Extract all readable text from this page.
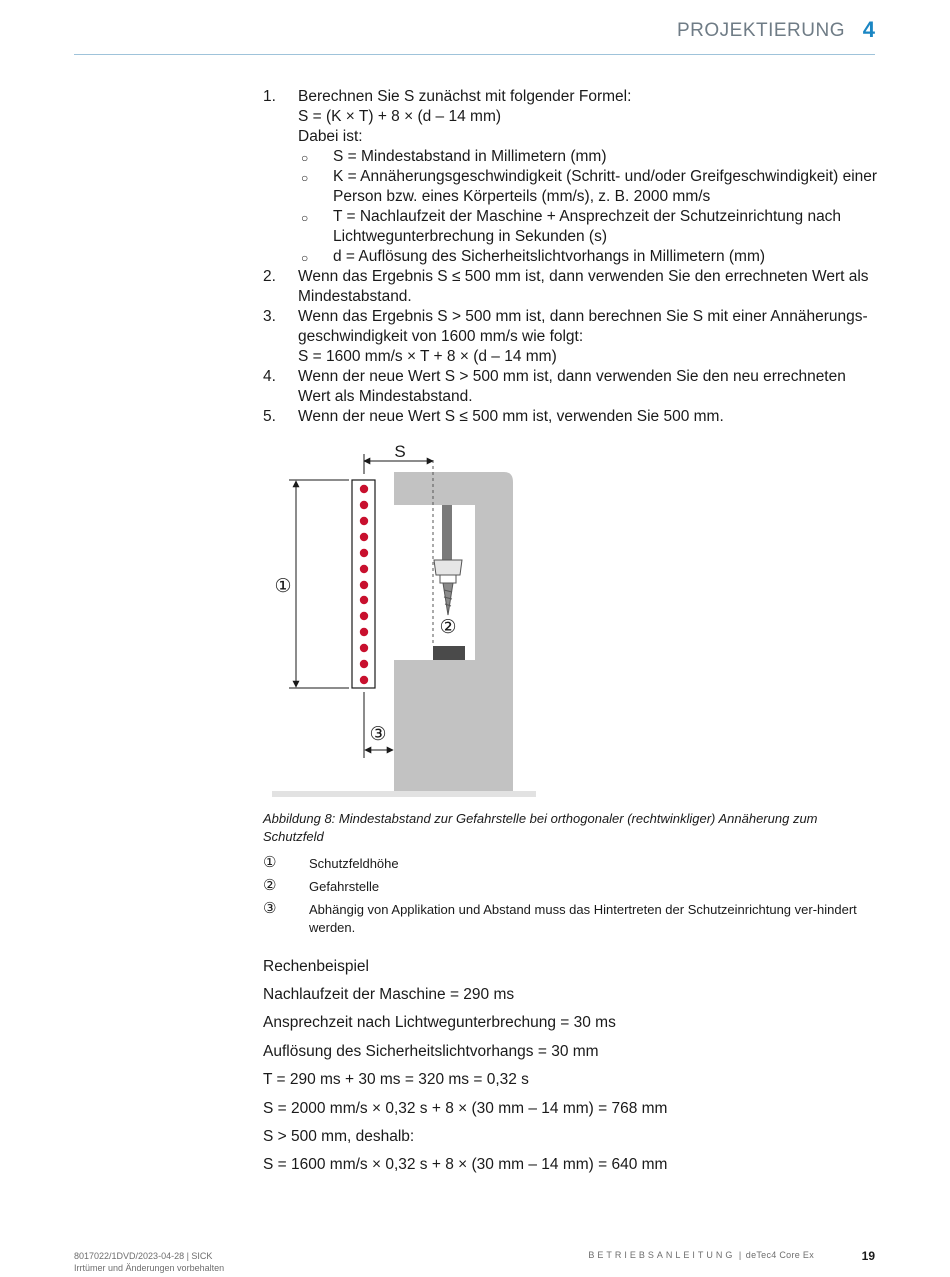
PROJEKTIERUNG 4
1. Berechnen Sie S zunächst mit folgender Formel:
S = (K × T) + 8 × (d – 14 mm)
Dabei ist:
○ S = Mindestabstand in Millimetern (mm)
○ K = Annäherungsgeschwindigkeit (Schritt- und/oder Greifgeschwindigkeit) einer Person bzw. eines Körperteils (mm/s), z. B. 2000 mm/s
○ T = Nachlaufzeit der Maschine + Ansprechzeit der Schutzeinrichtung nach Lichtwegunterbrechung in Sekunden (s)
○ d = Auflösung des Sicherheitslichtvorhangs in Millimetern (mm)
2. Wenn das Ergebnis S ≤ 500 mm ist, dann verwenden Sie den errechneten Wert als Mindestabstand.
3. Wenn das Ergebnis S > 500 mm ist, dann berechnen Sie S mit einer Annäherungs-geschwindigkeit von 1600 mm/s wie folgt:
S = 1600 mm/s × T + 8 × (d – 14 mm)
4. Wenn der neue Wert S > 500 mm ist, dann verwenden Sie den neu errechneten Wert als Mindestabstand.
5. Wenn der neue Wert S ≤ 500 mm ist, verwenden Sie 500 mm.
S
①
②
③
Abbildung 8: Mindestabstand zur Gefahrstelle bei orthogonaler (rechtwinkliger) Annäherung zum Schutzfeld
①	Schutzfeldhöhe
②	Gefahrstelle
③	Abhängig von Applikation und Abstand muss das Hintertreten der Schutzeinrichtung ver-hindert werden.
Rechenbeispiel
Nachlaufzeit der Maschine = 290 ms
Ansprechzeit nach Lichtwegunterbrechung = 30 ms
Auflösung des Sicherheitslichtvorhangs = 30 mm
T = 290 ms + 30 ms = 320 ms = 0,32 s
S = 2000 mm/s × 0,32 s + 8 × (30 mm – 14 mm) = 768 mm
S > 500 mm, deshalb:
S = 1600 mm/s × 0,32 s + 8 × (30 mm – 14 mm) = 640 mm
8017022/1DVD/2023-04-28 | SICK
Irrtümer und Änderungen vorbehalten
BETRIEBSANLEITUNG | deTec4 Core Ex	19
